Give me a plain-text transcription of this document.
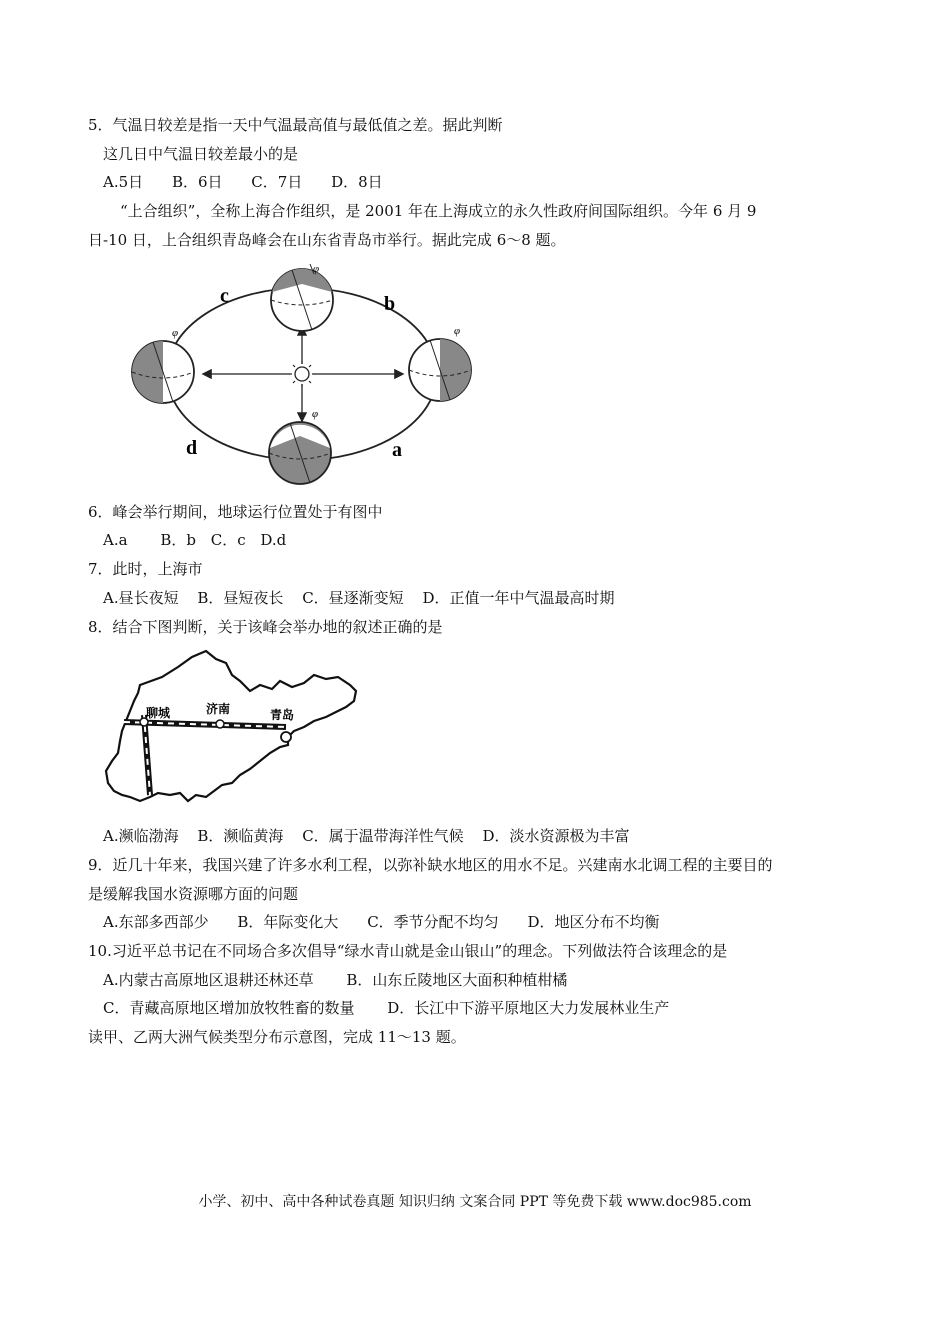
5．气温日较差是指一天中气温最高值与最低值之差。据此判断
这几日中气温日较差最小的是
A.5日 B．6日 C．7日 D．8日
“上合组织”，全称上海合作组织，是 2001 年在上海成立的永久性政府间国际组织。今年 6 月 9
日-10 日，上合组织青岛峰会在山东省青岛市举行。据此完成 6～8 题。
φ
φ
φ
φ
c	b
d	a
6．峰会举行期间，地球运行位置处于有图中
A.a B．b C．c D.d
7．此时，上海市
A.昼长夜短 B．昼短夜长 C．昼逐渐变短 D．正值一年中气温最高时期
8．结合下图判断，关于该峰会举办地的叙述正确的是
聊城	济南	青岛
A.濒临渤海 B．濒临黄海 C．属于温带海洋性气候 D．淡水资源极为丰富
9．近几十年来，我国兴建了许多水利工程，以弥补缺水地区的用水不足。兴建南水北调工程的主要目的
是缓解我国水资源哪方面的问题
A.东部多西部少 B．年际变化大 C．季节分配不均匀 D．地区分布不均衡
10.习近平总书记在不同场合多次倡导“绿水青山就是金山银山”的理念。下列做法符合该理念的是
A.内蒙古高原地区退耕还林还草 B．山东丘陵地区大面积种植柑橘
C．青藏高原地区增加放牧牲畜的数量 D．长江中下游平原地区大力发展林业生产
读甲、乙两大洲气候类型分布示意图，完成 11～13 题。
小学、初中、高中各种试卷真题 知识归纳 文案合同 PPT 等免费下载 www.doc985.com
